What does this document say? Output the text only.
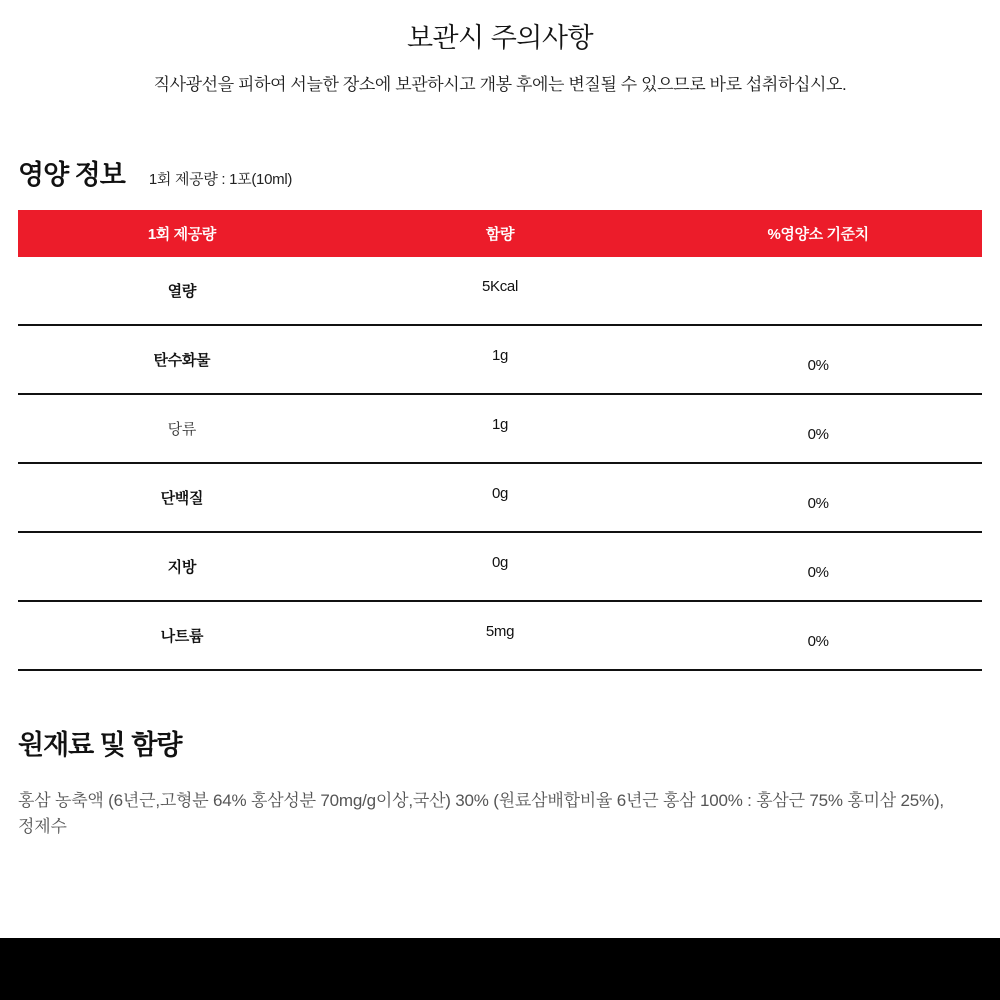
보관시 주의사항
직사광선을 피하여 서늘한 장소에 보관하시고 개봉 후에는 변질될 수 있으므로 바로 섭취하십시오.
영양 정보 1회 제공량 : 1포(10ml)
1회 제공량	함량	%영양소 기준치
열량	5Kcal	
탄수화물	1g	0%
당류	1g	0%
단백질	0g	0%
지방	0g	0%
나트륨	5mg	0%
원재료 및 함량
홍삼 농축액 (6년근,고형분 64% 홍삼성분 70mg/g이상,국산) 30% (원료삼배합비율 6년근 홍삼 100% : 홍삼근 75% 홍미삼 25%),정제수
